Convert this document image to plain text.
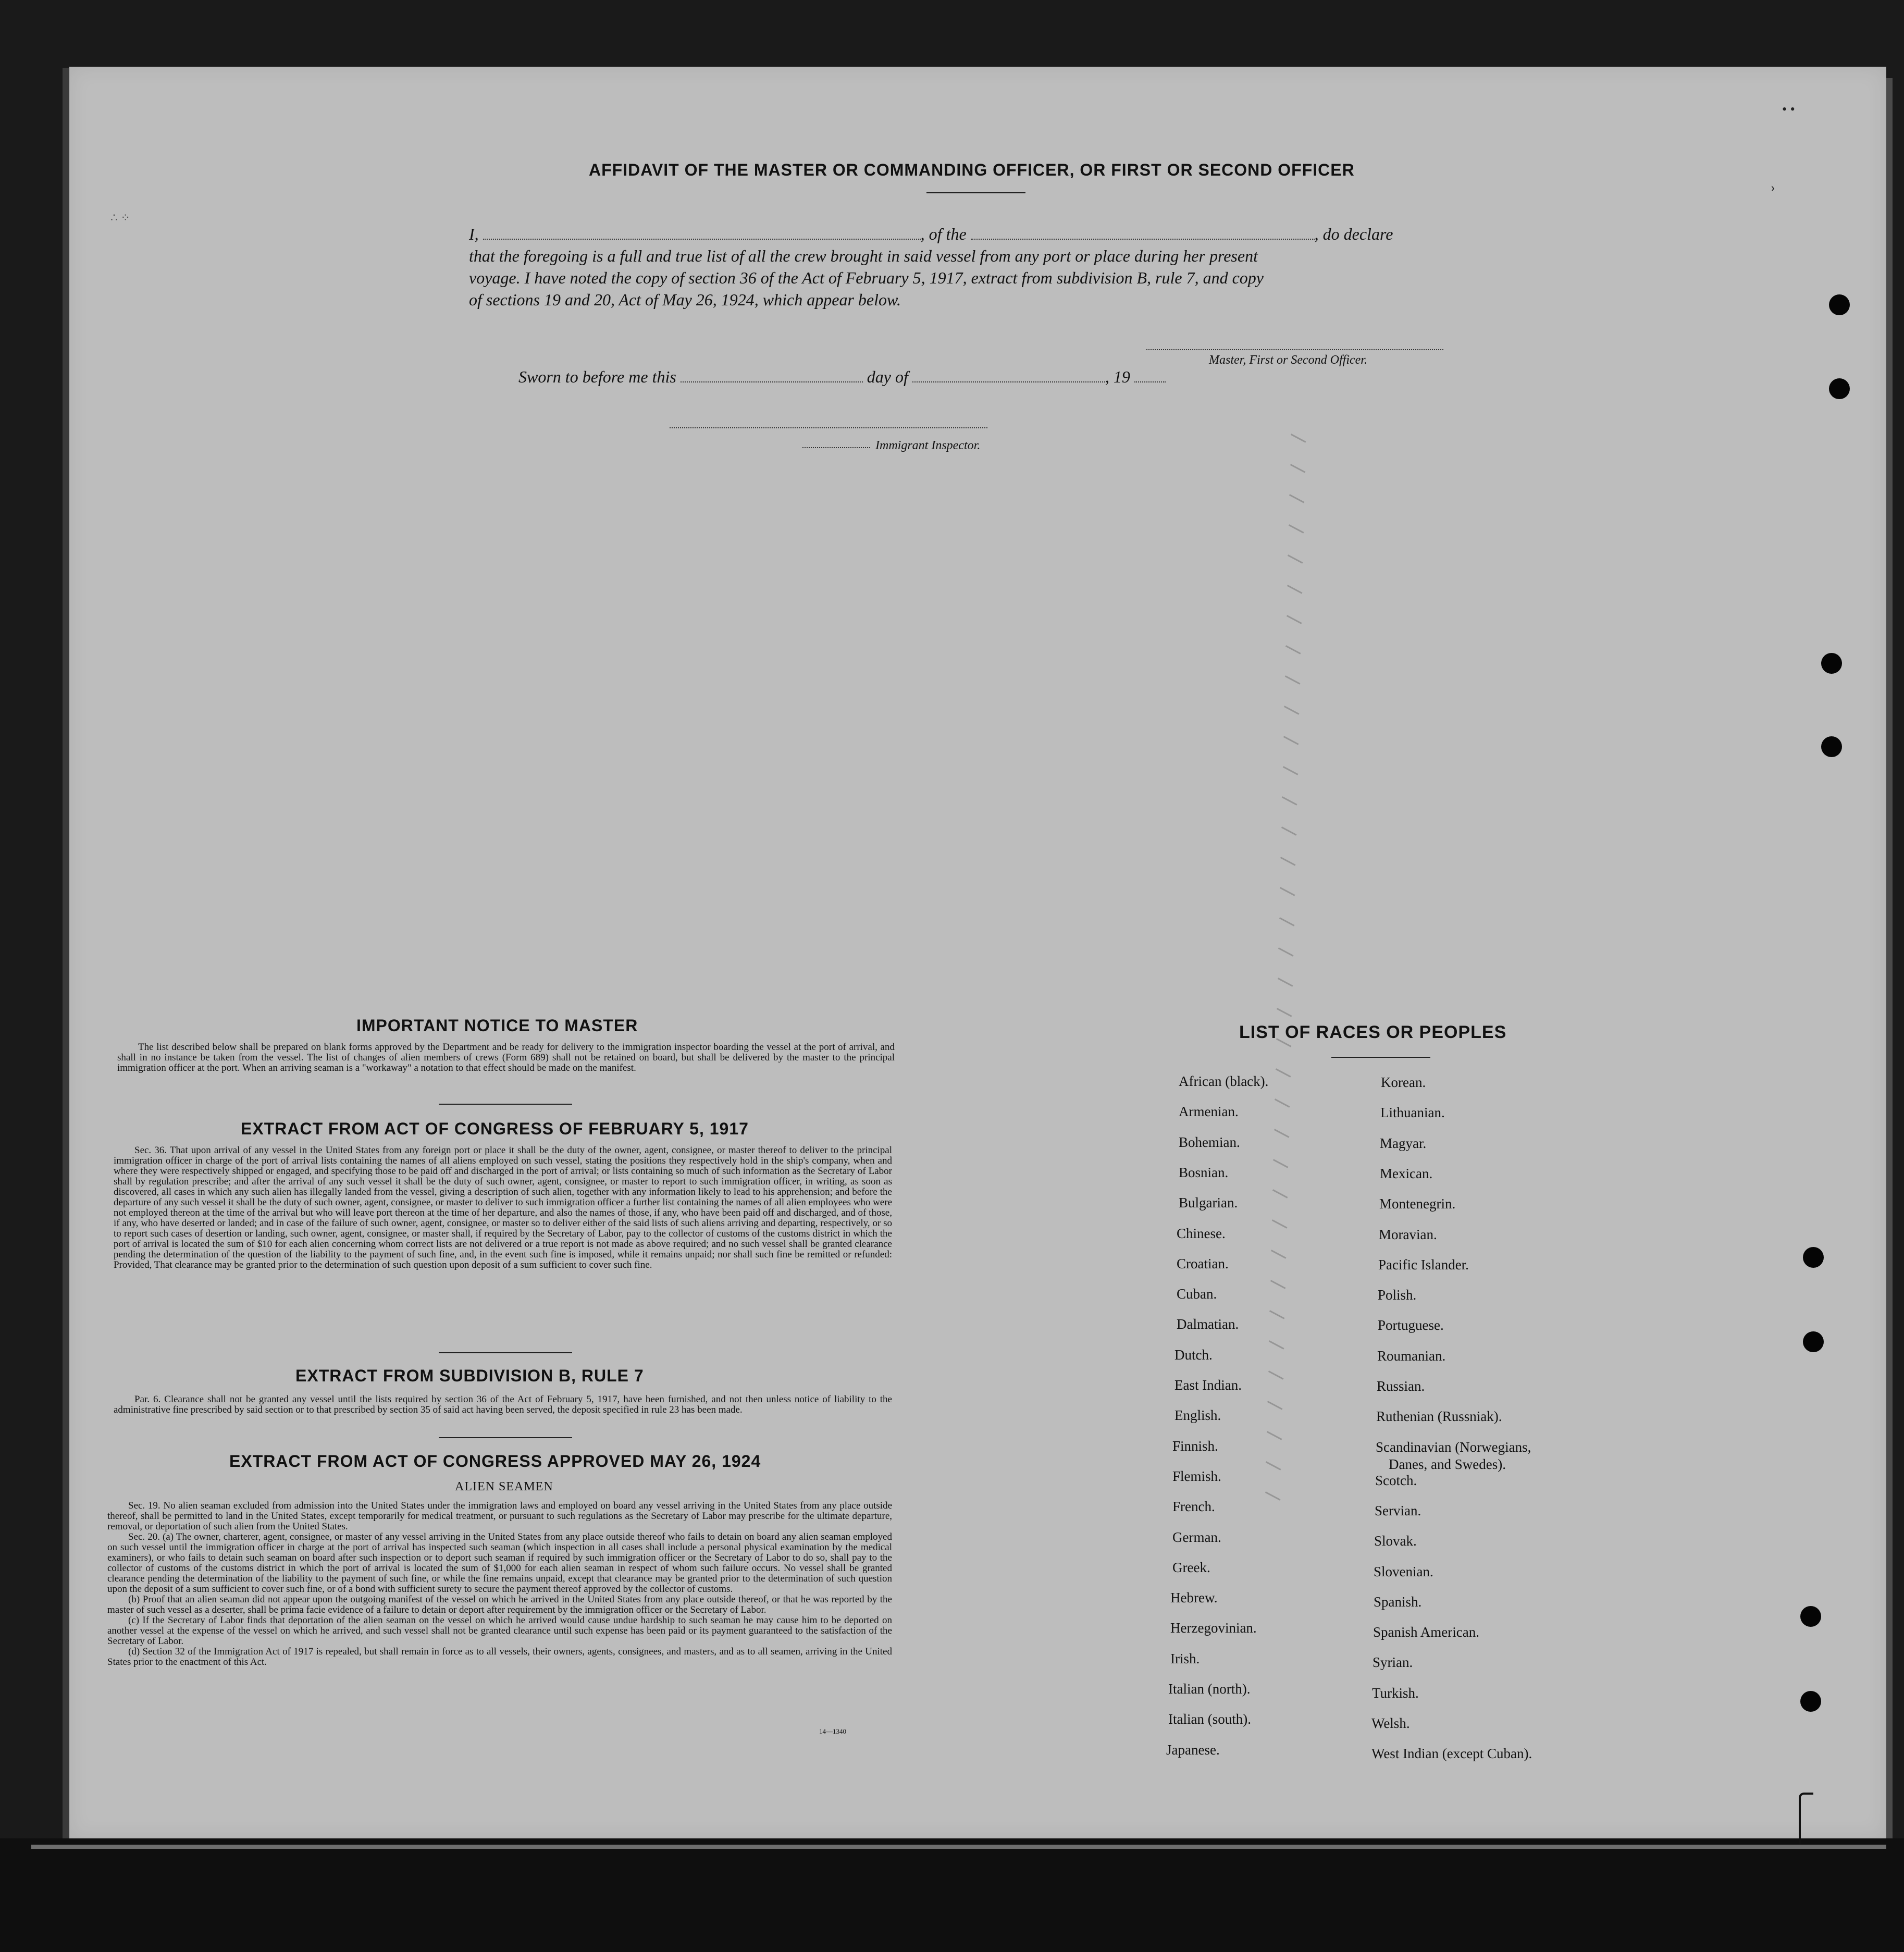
• •
›
∴ ⁘
AFFIDAVIT OF THE MASTER OR COMMANDING OFFICER, OR FIRST OR SECOND OFFICER
I,	, of the	, do declare
that the foregoing is a full and true list of all the crew brought in said vessel from any port or place during her present
voyage. I have noted the copy of section 36 of the Act of February 5, 1917, extract from subdivision B, rule 7, and copy
of sections 19 and 20, Act of May 26, 1924, which appear below.
Master, First or Second Officer.
Sworn to before me this	day of	, 19
Immigrant Inspector.
IMPORTANT NOTICE TO MASTER

The list described below shall be prepared on blank forms approved by the Department and be ready for delivery to the immigration inspector boarding the vessel at the port of arrival, and shall in no instance be taken from the vessel. The list of changes of alien members of crews (Form 689) shall not be retained on board, but shall be delivered by the master to the principal immigration officer at the port. When an arriving seaman is a "workaway" a notation to that effect should be made on the manifest.

EXTRACT FROM ACT OF CONGRESS OF FEBRUARY 5, 1917

Sec. 36. That upon arrival of any vessel in the United States from any foreign port or place it shall be the duty of the owner, agent, consignee, or master thereof to deliver to the principal immigration officer in charge of the port of arrival lists containing the names of all aliens employed on such vessel, stating the positions they respectively hold in the ship's company, when and where they were respectively shipped or engaged, and specifying those to be paid off and discharged in the port of arrival; or lists containing so much of such information as the Secretary of Labor shall by regulation prescribe; and after the arrival of any such vessel it shall be the duty of such owner, agent, consignee, or master to report to such immigration officer, in writing, as soon as discovered, all cases in which any such alien has illegally landed from the vessel, giving a description of such alien, together with any information likely to lead to his apprehension; and before the departure of any such vessel it shall be the duty of such owner, agent, consignee, or master to deliver to such immigration officer a further list containing the names of all alien employees who were not employed thereon at the time of the arrival but who will leave port thereon at the time of her departure, and also the names of those, if any, who have been paid off and discharged, and of those, if any, who have deserted or landed; and in case of the failure of such owner, agent, consignee, or master so to deliver either of the said lists of such aliens arriving and departing, respectively, or so to report such cases of desertion or landing, such owner, agent, consignee, or master shall, if required by the Secretary of Labor, pay to the collector of customs of the customs district in which the port of arrival is located the sum of $10 for each alien concerning whom correct lists are not delivered or a true report is not made as above required; and no such vessel shall be granted clearance pending the determination of the question of the liability to the payment of such fine, and, in the event such fine is imposed, while it remains unpaid; nor shall such fine be remitted or refunded: Provided, That clearance may be granted prior to the determination of such question upon deposit of a sum sufficient to cover such fine.

EXTRACT FROM SUBDIVISION B, RULE 7

Par. 6. Clearance shall not be granted any vessel until the lists required by section 36 of the Act of February 5, 1917, have been furnished, and not then unless notice of liability to the administrative fine prescribed by said section or to that prescribed by section 35 of said act having been served, the deposit specified in rule 23 has been made.

EXTRACT FROM ACT OF CONGRESS APPROVED MAY 26, 1924
ALIEN SEAMEN

Sec. 19. No alien seaman excluded from admission into the United States under the immigration laws and employed on board any vessel arriving in the United States from any place outside thereof, shall be permitted to land in the United States, except temporarily for medical treatment, or pursuant to such regulations as the Secretary of Labor may prescribe for the ultimate departure, removal, or deportation of such alien from the United States.

Sec. 20. (a) The owner, charterer, agent, consignee, or master of any vessel arriving in the United States from any place outside thereof who fails to detain on board any alien seaman employed on such vessel until the immigration officer in charge at the port of arrival has inspected such seaman (which inspection in all cases shall include a personal physical examination by the medical examiners), or who fails to detain such seaman on board after such inspection or to deport such seaman if required by such immigration officer or the Secretary of Labor to do so, shall pay to the collector of customs of the customs district in which the port of arrival is located the sum of $1,000 for each alien seaman in respect of whom such failure occurs. No vessel shall be granted clearance pending the determination of the liability to the payment of such fine, or while the fine remains unpaid, except that clearance may be granted prior to the determination of such question upon the deposit of a sum sufficient to cover such fine, or of a bond with sufficient surety to secure the payment thereof approved by the collector of customs.

(b) Proof that an alien seaman did not appear upon the outgoing manifest of the vessel on which he arrived in the United States from any place outside thereof, or that he was reported by the master of such vessel as a deserter, shall be prima facie evidence of a failure to detain or deport after requirement by the immigration officer or the Secretary of Labor.

(c) If the Secretary of Labor finds that deportation of the alien seaman on the vessel on which he arrived would cause undue hardship to such seaman he may cause him to be deported on another vessel at the expense of the vessel on which he arrived, and such vessel shall not be granted clearance until such expense has been paid or its payment guaranteed to the satisfaction of the Secretary of Labor.

(d) Section 32 of the Immigration Act of 1917 is repealed, but shall remain in force as to all vessels, their owners, agents, consignees, and masters, and as to all seamen, arriving in the United States prior to the enactment of this Act.

14—1340
LIST OF RACES OR PEOPLES
African (black).
Armenian.
Bohemian.
Bosnian.
Bulgarian.
Chinese.
Croatian.
Cuban.
Dalmatian.
Dutch.
East Indian.
English.
Finnish.
Flemish.
French.
German.
Greek.
Hebrew.
Herzegovinian.
Irish.
Italian (north).
Italian (south).
Japanese.
Korean.
Lithuanian.
Magyar.
Mexican.
Montenegrin.
Moravian.
Pacific Islander.
Polish.
Portuguese.
Roumanian.
Russian.
Ruthenian (Russniak).
Scandinavian (Norwegians,
Danes, and Swedes).
Scotch.
Servian.
Slovak.
Slovenian.
Spanish.
Spanish American.
Syrian.
Turkish.
Welsh.
West Indian (except Cuban).
